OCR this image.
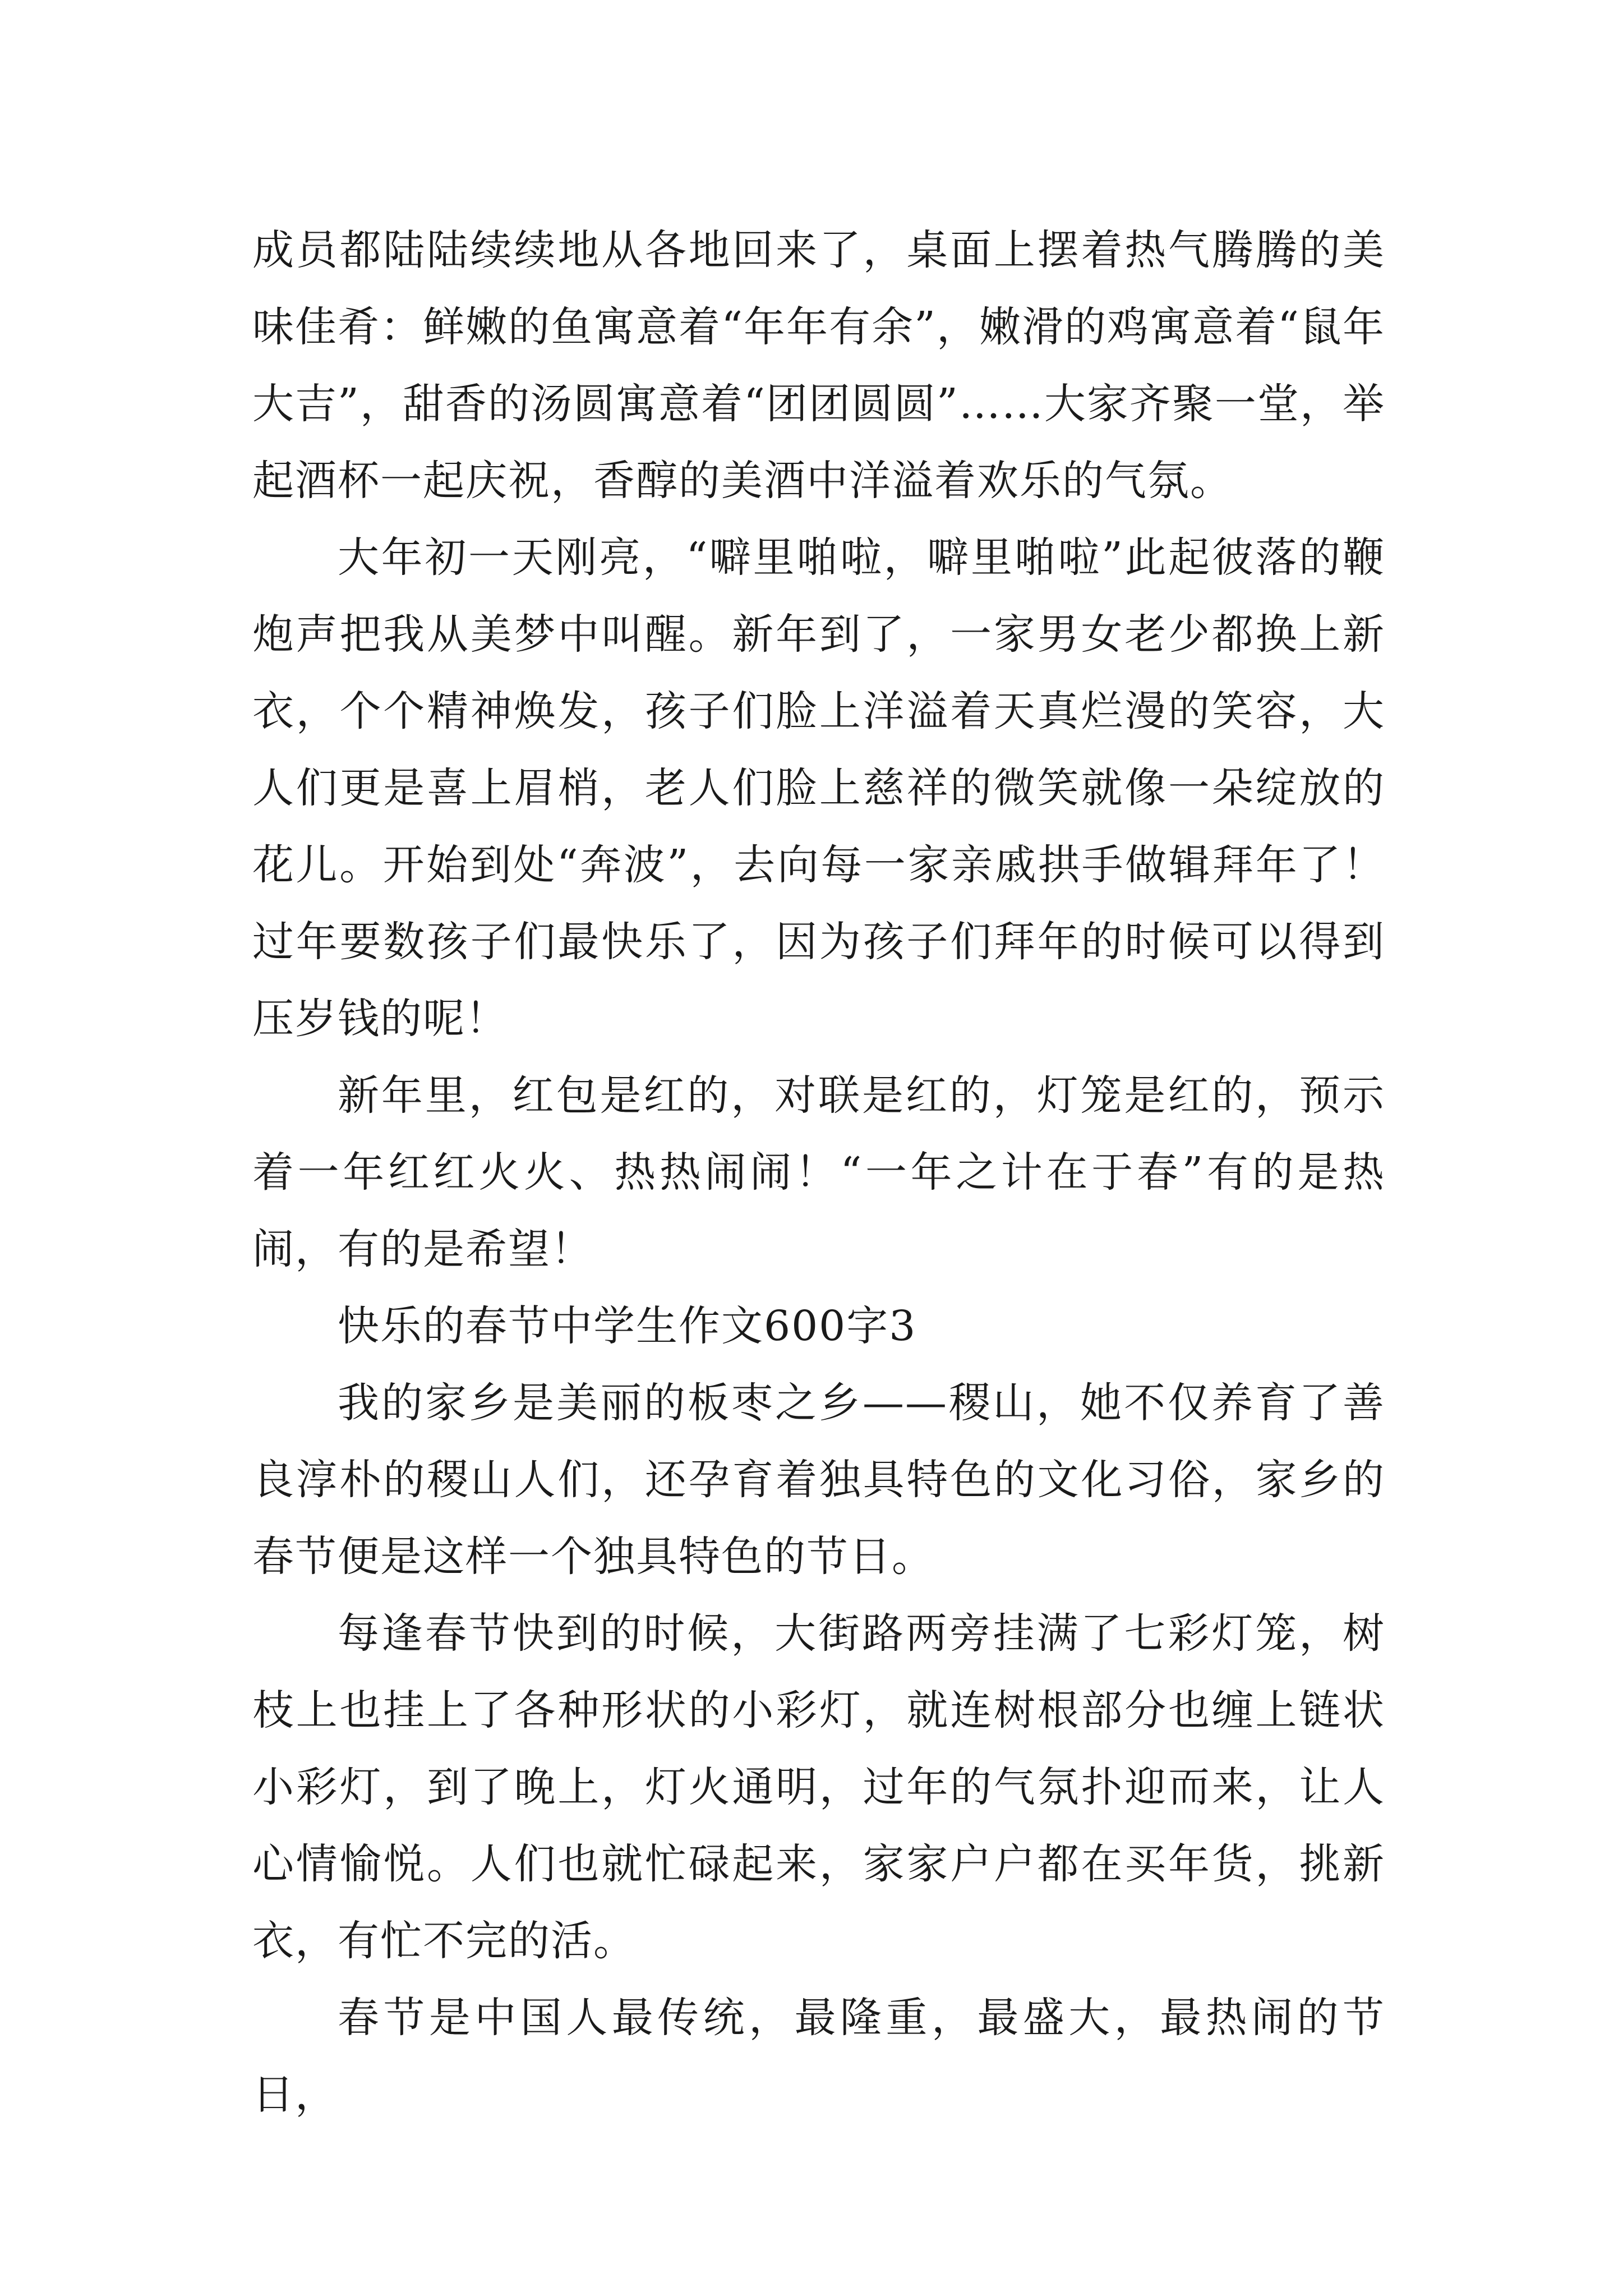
成员都陆陆续续地从各地回来了，桌面上摆着热气腾腾的美味佳肴：鲜嫩的鱼寓意着“年年有余”，嫩滑的鸡寓意着“鼠年大吉”，甜香的汤圆寓意着“团团圆圆”……大家齐聚一堂，举起酒杯一起庆祝，香醇的美酒中洋溢着欢乐的气氛。

大年初一天刚亮，“噼里啪啦，噼里啪啦”此起彼落的鞭炮声把我从美梦中叫醒。新年到了，一家男女老少都换上新衣，个个精神焕发，孩子们脸上洋溢着天真烂漫的笑容，大人们更是喜上眉梢，老人们脸上慈祥的微笑就像一朵绽放的花儿。开始到处“奔波”，去向每一家亲戚拱手做辑拜年了！过年要数孩子们最快乐了，因为孩子们拜年的时候可以得到压岁钱的呢！

新年里，红包是红的，对联是红的，灯笼是红的，预示着一年红红火火、热热闹闹！“一年之计在于春”有的是热闹，有的是希望！

快乐的春节中学生作文600字3

我的家乡是美丽的板枣之乡——稷山，她不仅养育了善良淳朴的稷山人们，还孕育着独具特色的文化习俗，家乡的春节便是这样一个独具特色的节日。

每逢春节快到的时候，大街路两旁挂满了七彩灯笼，树枝上也挂上了各种形状的小彩灯，就连树根部分也缠上链状小彩灯，到了晚上，灯火通明，过年的气氛扑迎而来，让人心情愉悦。人们也就忙碌起来，家家户户都在买年货，挑新衣，有忙不完的活。

春节是中国人最传统，最隆重，最盛大，最热闹的节日，
